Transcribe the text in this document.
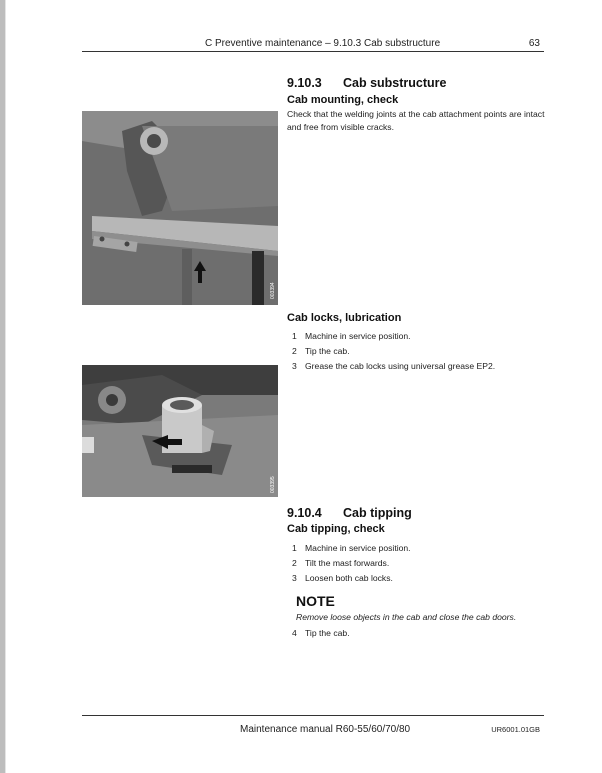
C Preventive maintenance – 9.10.3 Cab substructure	63
9.10.3 Cab substructure
Cab mounting, check
Check that the welding joints at the cab attachment points are intact and free from visible cracks.
003394
Cab locks, lubrication
1 Machine in service position.
2 Tip the cab.
3 Grease the cab locks using universal grease EP2.
003395
9.10.4 Cab tipping
Cab tipping, check
1 Machine in service position.
2 Tilt the mast forwards.
3 Loosen both cab locks.
NOTE
Remove loose objects in the cab and close the cab doors.
4 Tip the cab.
Maintenance manual R60-55/60/70/80	UR6001.01GB
